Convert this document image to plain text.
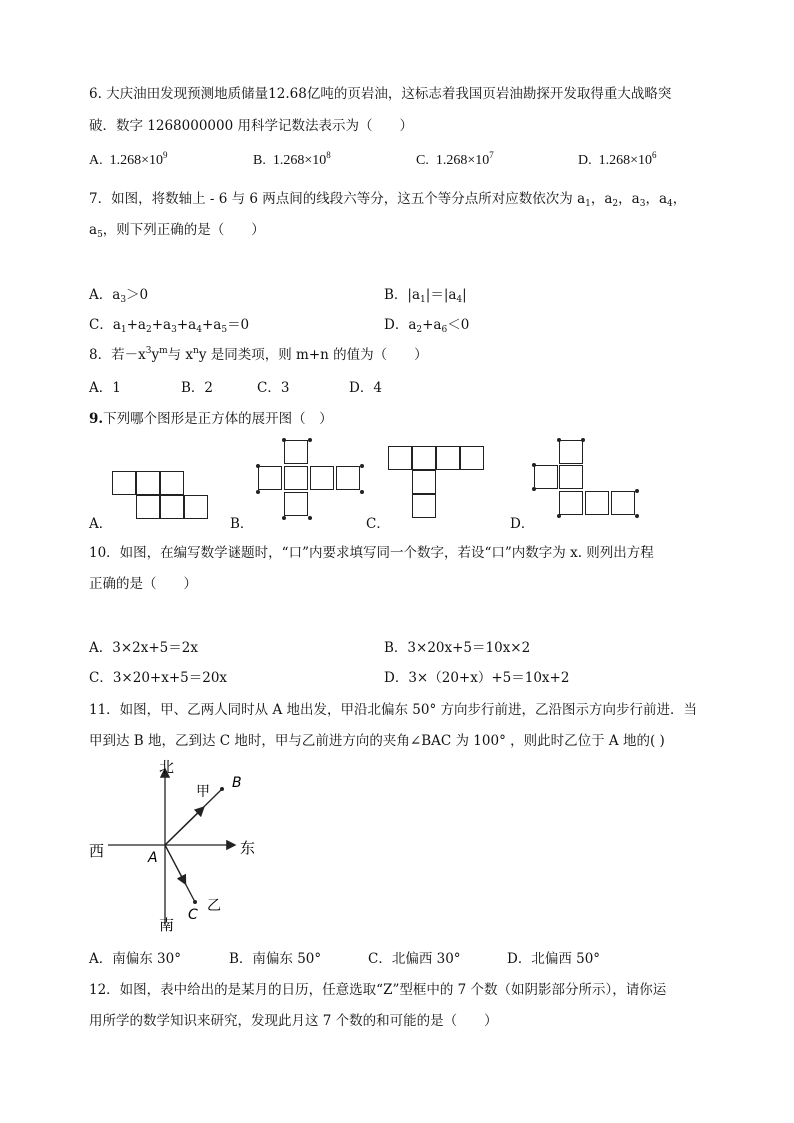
6. 大庆油田发现预测地质储量12.68亿吨的页岩油，这标志着我国页岩油勘探开发取得重大战略突
破．数字 1268000000 用科学记数法表示为（　　）
A. $1.268\times 10^9$	B. $1.268\times 10^8$	C. $1.268\times 10^7$	D. $1.268\times 10^6$
7．如图，将数轴上 - 6 与 6 两点间的线段六等分，这五个等分点所对应数依次为 $a_1$，$a_2$，$a_3$，$a_4$，
$a_5$，则下列正确的是（　　）
A．$a_3>0$	B．$|a_1|=|a_4|$
C．$a_1+a_2+a_3+a_4+a_5=0$	D．$a_2+a_6<0$
8．若$-x^3y^m$与 $x^ny$ 是同类项，则 m+n 的值为（　　）
A．1	B．2	C．3	D．4
9.下列哪个图形是正方体的展开图（　）
A．	B．	C．	D．
10．如图，在编写数学谜题时，“口”内要求填写同一个数字，若设“口”内数字为 x. 则列出方程
正确的是（　　）
A．3×2x+5＝2x	B．3×20x+5＝10x×2
C．3×20+x+5＝20x	D．3×（20+x）+5＝10x+2
11．如图，甲、乙两人同时从 A 地出发，甲沿北偏东 50° 方向步行前进，乙沿图示方向步行前进．当
甲到达 B 地，乙到达 C 地时，甲与乙前进方向的夹角∠BAC 为 100° ，则此时乙位于 A 地的( )
北
南
西	东
甲
乙
A
B
C
A．南偏东 30°	B．南偏东 50°	C．北偏西 30°	D．北偏西 50°
12．如图，表中给出的是某月的日历，任意选取“Z”型框中的 7 个数（如阴影部分所示），请你运
用所学的数学知识来研究，发现此月这 7 个数的和可能的是（　　）
